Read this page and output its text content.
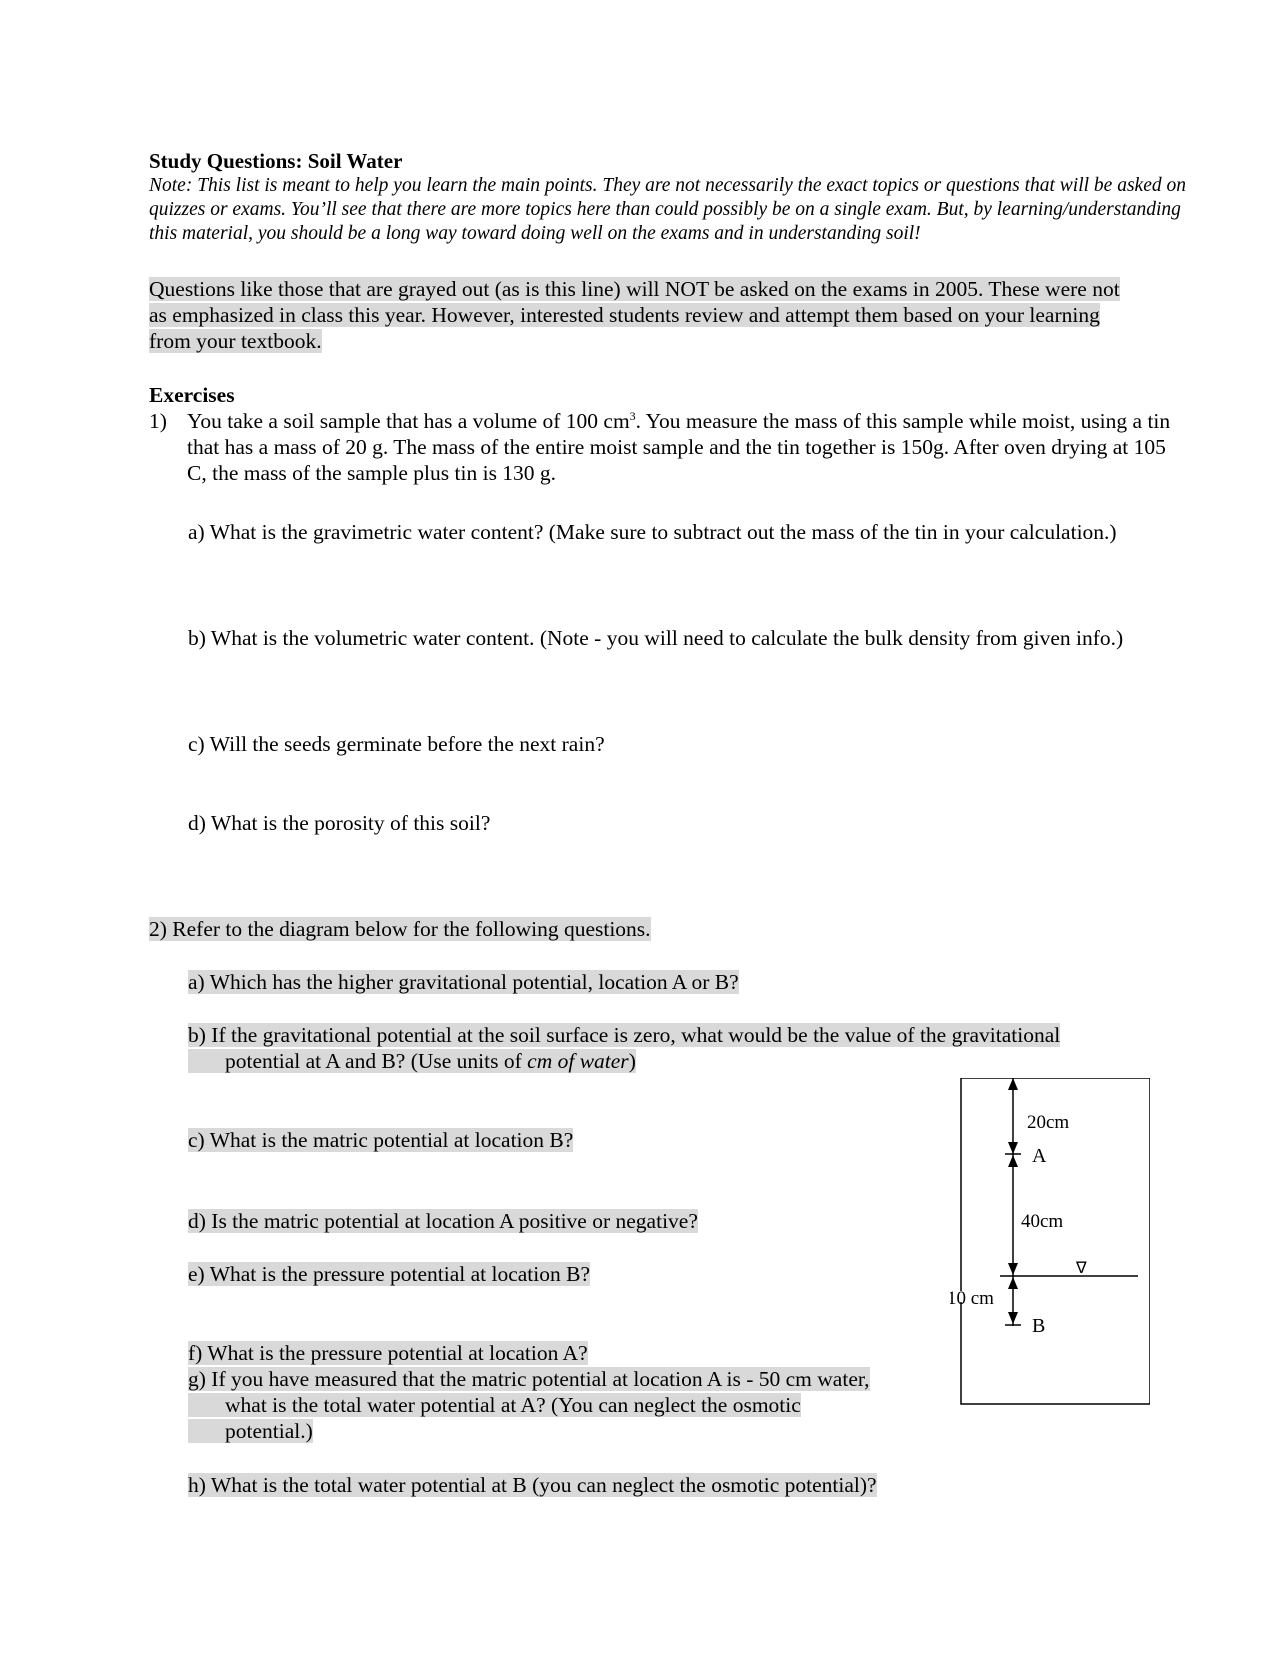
Study Questions: Soil Water
Note: This list is meant to help you learn the main points. They are not necessarily the exact topics or questions that will be asked on quizzes or exams. You’ll see that there are more topics here than could possibly be on a single exam. But, by learning/understanding this material, you should be a long way toward doing well on the exams and in understanding soil!
Questions like those that are grayed out (as is this line) will NOT be asked on the exams in 2005. These were not
as emphasized in class this year. However, interested students review and attempt them based on your learning
from your textbook.
Exercises
1) You take a soil sample that has a volume of 100 $cm^3$. You measure the mass of this sample while moist, using a tin that has a mass of 20 g. The mass of the entire moist sample and the tin together is 150g. After oven drying at 105 C, the mass of the sample plus tin is 130 g.
a) What is the gravimetric water content? (Make sure to subtract out the mass of the tin in your calculation.)
b) What is the volumetric water content. (Note - you will need to calculate the bulk density from given info.)
c) Will the seeds germinate before the next rain?
d) What is the porosity of this soil?
2) Refer to the diagram below for the following questions.
a) Which has the higher gravitational potential, location A or B?
b) If the gravitational potential at the soil surface is zero, what would be the value of the gravitational
potential at A and B? (Use units of cm of water)
c) What is the matric potential at location B?
d) Is the matric potential at location A positive or negative?
e) What is the pressure potential at location B?
f) What is the pressure potential at location A?
g) If you have measured that the matric potential at location A is - 50 cm water,
what is the total water potential at A? (You can neglect the osmotic
potential.)
h) What is the total water potential at B (you can neglect the osmotic potential)?
20cm
A
40cm
10 cm
B
∇
